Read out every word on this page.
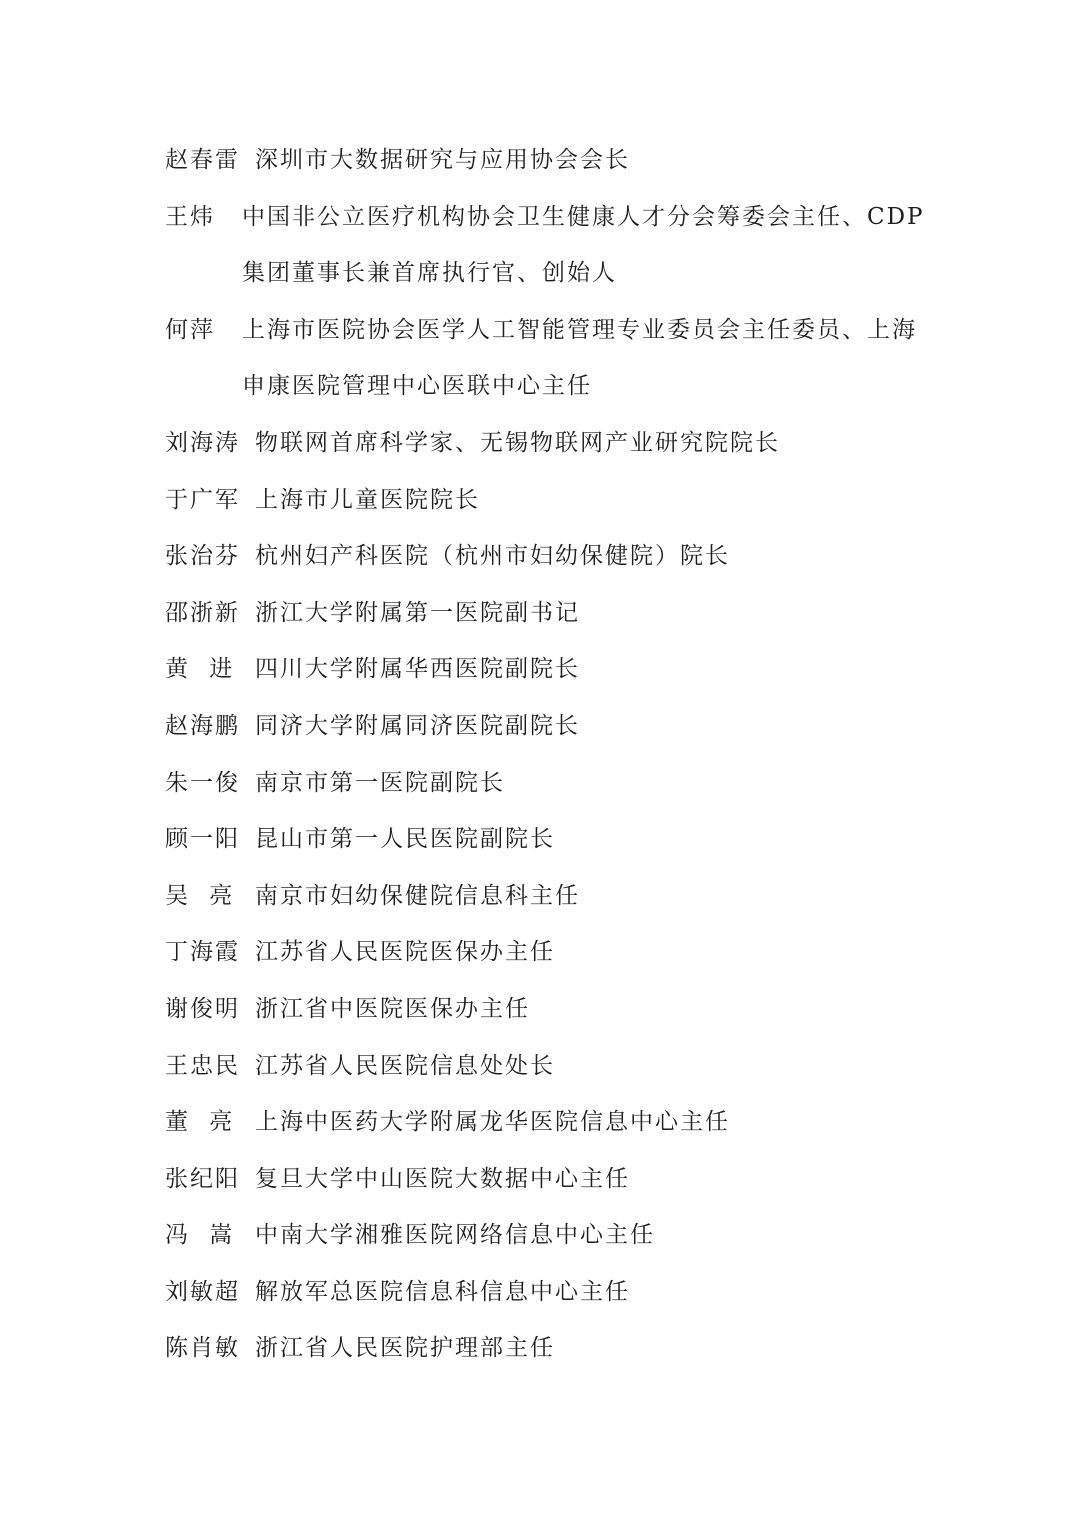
赵春雷 深圳市大数据研究与应用协会会长
王炜 中国非公立医疗机构协会卫生健康人才分会筹委会主任、CDP
集团董事长兼首席执行官、创始人
何萍 上海市医院协会医学人工智能管理专业委员会主任委员、上海
申康医院管理中心医联中心主任
刘海涛 物联网首席科学家、无锡物联网产业研究院院长
于广军 上海市儿童医院院长
张治芬 杭州妇产科医院（杭州市妇幼保健院）院长
邵浙新 浙江大学附属第一医院副书记
黄 进 四川大学附属华西医院副院长
赵海鹏 同济大学附属同济医院副院长
朱一俊 南京市第一医院副院长
顾一阳 昆山市第一人民医院副院长
吴 亮 南京市妇幼保健院信息科主任
丁海霞 江苏省人民医院医保办主任
谢俊明 浙江省中医院医保办主任
王忠民 江苏省人民医院信息处处长
董 亮 上海中医药大学附属龙华医院信息中心主任
张纪阳 复旦大学中山医院大数据中心主任
冯 嵩 中南大学湘雅医院网络信息中心主任
刘敏超 解放军总医院信息科信息中心主任
陈肖敏 浙江省人民医院护理部主任
